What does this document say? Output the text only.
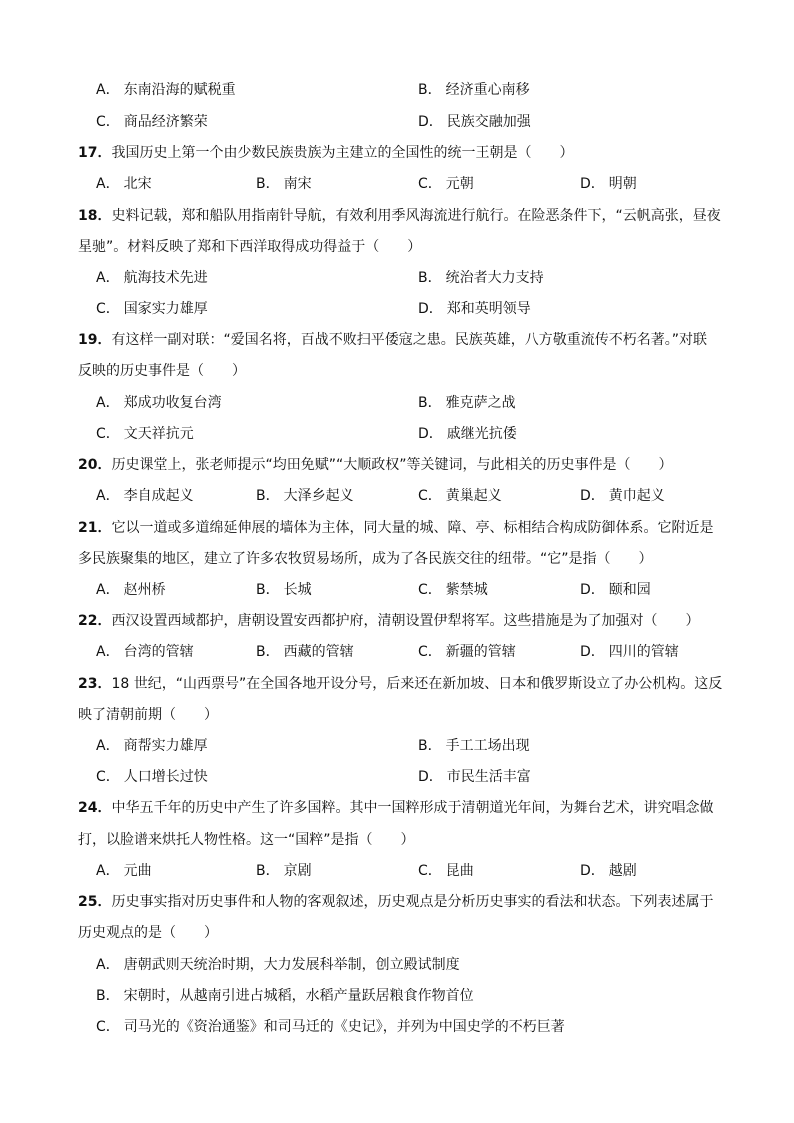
A． 东南沿海的赋税重	B． 经济重心南移
C． 商品经济繁荣	D． 民族交融加强
17．我国历史上第一个由少数民族贵族为主建立的全国性的统一王朝是（　　）
A． 北宋	B． 南宋	C． 元朝	D． 明朝
18．史料记载，郑和船队用指南针导航，有效利用季风海流进行航行。在险恶条件下，“云帆高张，昼夜
星驰”。材料反映了郑和下西洋取得成功得益于（　　）
A． 航海技术先进	B． 统治者大力支持
C． 国家实力雄厚	D． 郑和英明领导
19．有这样一副对联：“爱国名将，百战不败扫平倭寇之患。民族英雄，八方敬重流传不朽名著。”对联
反映的历史事件是（　　）
A． 郑成功收复台湾	B． 雅克萨之战
C． 文天祥抗元	D． 戚继光抗倭
20．历史课堂上，张老师提示“均田免赋”“大顺政权”等关键词，与此相关的历史事件是（　　）
A． 李自成起义	B． 大泽乡起义	C． 黄巢起义	D． 黄巾起义
21．它以一道或多道绵延伸展的墙体为主体，同大量的城、障、亭、标相结合构成防御体系。它附近是
多民族聚集的地区，建立了许多农牧贸易场所，成为了各民族交往的纽带。“它”是指（　　）
A． 赵州桥	B． 长城	C． 紫禁城	D． 颐和园
22．西汉设置西域都护，唐朝设置安西都护府，清朝设置伊犁将军。这些措施是为了加强对（　　）
A． 台湾的管辖	B． 西藏的管辖	C． 新疆的管辖	D． 四川的管辖
23．18 世纪，“山西票号”在全国各地开设分号，后来还在新加坡、日本和俄罗斯设立了办公机构。这反
映了清朝前期（　　）
A． 商帮实力雄厚	B． 手工工场出现
C． 人口增长过快	D． 市民生活丰富
24．中华五千年的历史中产生了许多国粹。其中一国粹形成于清朝道光年间，为舞台艺术，讲究唱念做
打，以脸谱来烘托人物性格。这一“国粹”是指（　　）
A． 元曲	B． 京剧	C． 昆曲	D． 越剧
25．历史事实指对历史事件和人物的客观叙述，历史观点是分析历史事实的看法和状态。下列表述属于
历史观点的是（　　）
A． 唐朝武则天统治时期，大力发展科举制，创立殿试制度
B． 宋朝时，从越南引进占城稻，水稻产量跃居粮食作物首位
C． 司马光的《资治通鉴》和司马迁的《史记》，并列为中国史学的不朽巨著
